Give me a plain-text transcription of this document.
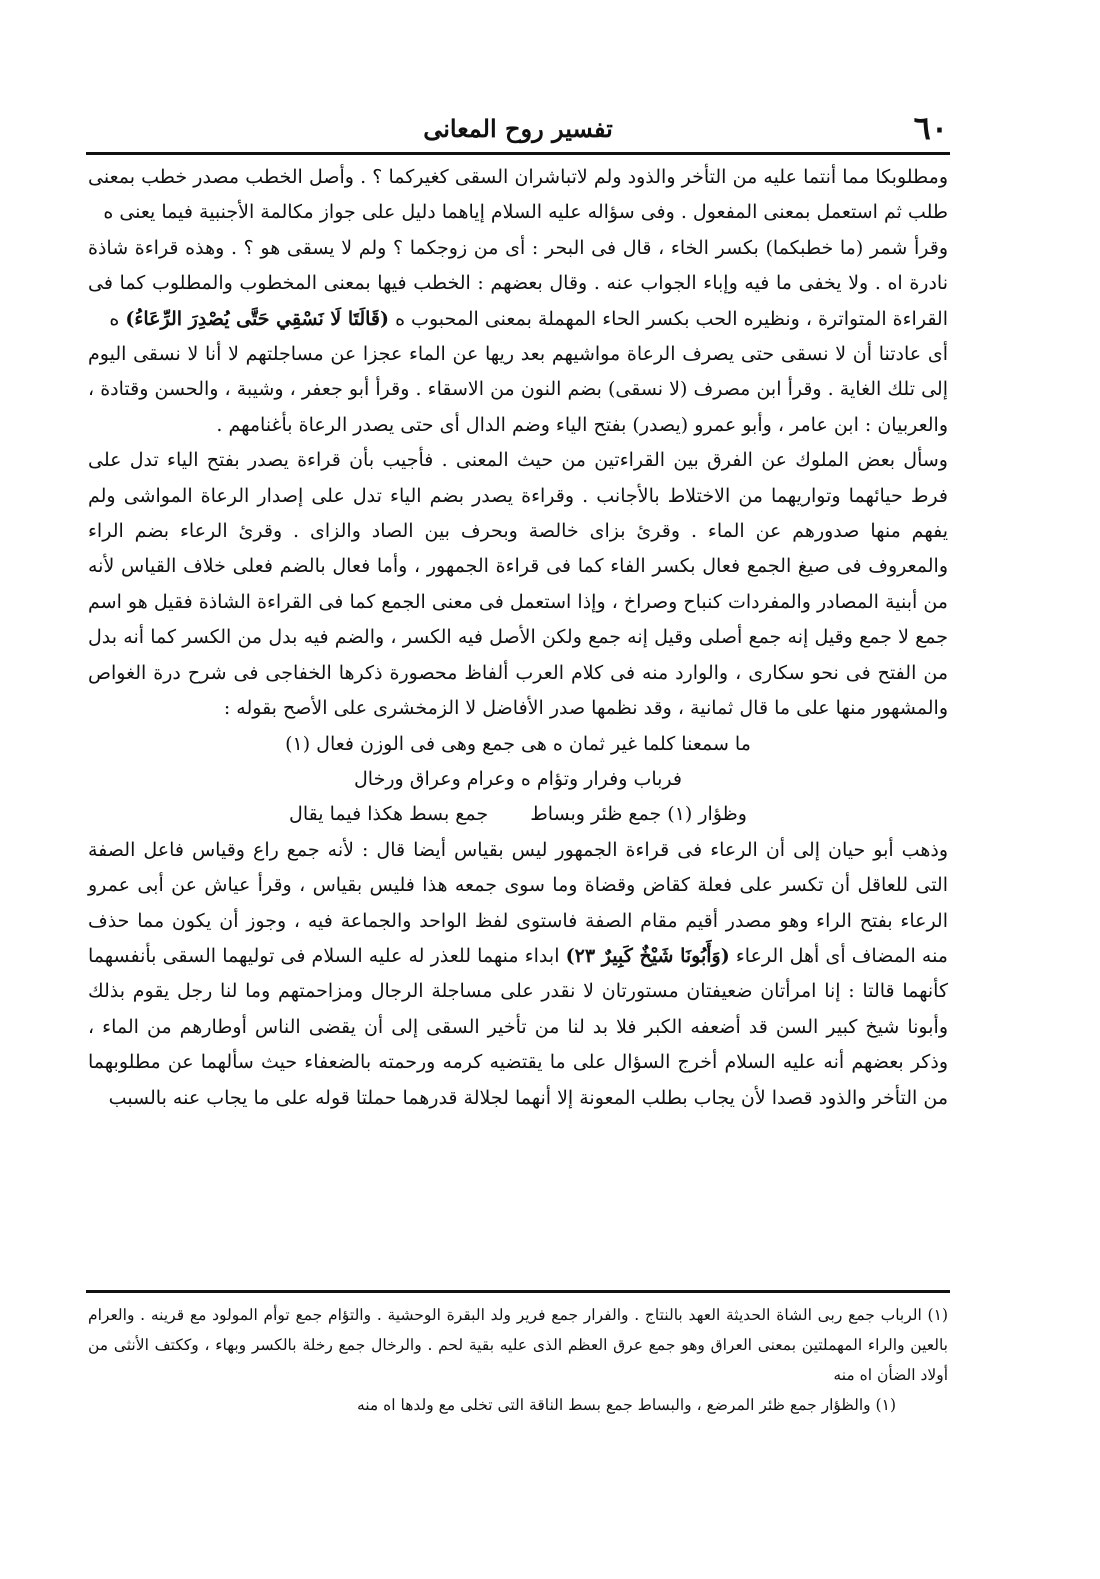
٦٠
تفسير روح المعانى

ومطلوبكا مما أنتما عليه من التأخر والذود ولم لاتباشران السقى كغيركما ؟ . وأصل الخطب مصدر خطب بمعنى طلب ثم استعمل بمعنى المفعول . وفى سؤاله عليه السلام إياهما دليل على جواز مكالمة الأجنبية فيما يعنى ه

وقرأ شمر (ما خطبكما) بكسر الخاء ، قال فى البحر : أى من زوجكما ؟ ولم لا يسقى هو ؟ . وهذه قراءة شاذة نادرة اه . ولا يخفى ما فيه وإباء الجواب عنه . وقال بعضهم : الخطب فيها بمعنى المخطوب والمطلوب كما فى القراءة المتواترة ، ونظيره الحب بكسر الحاء المهملة بمعنى المحبوب ه (قَالَتَا لَا نَسْقِي حَتَّى يُصْدِرَ الرِّعَاءُ) ه

أى عادتنا أن لا نسقى حتى يصرف الرعاة مواشيهم بعد ريها عن الماء عجزا عن مساجلتهم لا أنا لا نسقى اليوم إلى تلك الغاية . وقرأ ابن مصرف (لا نسقى) بضم النون من الاسقاء . وقرأ أبو جعفر ، وشيبة ، والحسن وقتادة ، والعربيان : ابن عامر ، وأبو عمرو (يصدر) بفتح الياء وضم الدال أى حتى يصدر الرعاة بأغنامهم .

وسأل بعض الملوك عن الفرق بين القراءتين من حيث المعنى . فأجيب بأن قراءة يصدر بفتح الياء تدل على فرط حيائهما وتواريهما من الاختلاط بالأجانب . وقراءة يصدر بضم الياء تدل على إصدار الرعاة المواشى ولم يفهم منها صدورهم عن الماء . وقرئ بزاى خالصة وبحرف بين الصاد والزاى . وقرئ الرعاء بضم الراء والمعروف فى صيغ الجمع فعال بكسر الفاء كما فى قراءة الجمهور ، وأما فعال بالضم فعلى خلاف القياس لأنه من أبنية المصادر والمفردات كنباح وصراخ ، وإذا استعمل فى معنى الجمع كما فى القراءة الشاذة فقيل هو اسم جمع لا جمع وقيل إنه جمع أصلى وقيل إنه جمع ولكن الأصل فيه الكسر ، والضم فيه بدل من الكسر كما أنه بدل من الفتح فى نحو سكارى ، والوارد منه فى كلام العرب ألفاظ محصورة ذكرها الخفاجى فى شرح درة الغواص والمشهور منها على ما قال ثمانية ، وقد نظمها صدر الأفاضل لا الزمخشرى على الأصح بقوله :

ما سمعنا كلما غير ثمان ه هى جمع وهى فى الوزن فعال (١) فرباب وفرار وتؤام ه وعرام وعراق ورخال

وظؤار (١) جمع ظئر وبساط جمع بسط هكذا فيما يقال

وذهب أبو حيان إلى أن الرعاء فى قراءة الجمهور ليس بقياس أيضا قال : لأنه جمع راع وقياس فاعل الصفة التى للعاقل أن تكسر على فعلة كقاض وقضاة وما سوى جمعه هذا فليس بقياس ، وقرأ عياش عن أبى عمرو الرعاء بفتح الراء وهو مصدر أقيم مقام الصفة فاستوى لفظ الواحد والجماعة فيه ، وجوز أن يكون مما حذف منه المضاف أى أهل الرعاء (وَأَبُونَا شَيْخٌ كَبِيرٌ ٢٣) ابداء منهما للعذر له عليه السلام فى توليهما السقى بأنفسهما كأنهما قالتا : إنا امرأتان ضعيفتان مستورتان لا نقدر على مساجلة الرجال ومزاحمتهم وما لنا رجل يقوم بذلك وأبونا شيخ كبير السن قد أضعفه الكبر فلا بد لنا من تأخير السقى إلى أن يقضى الناس أوطارهم من الماء ، وذكر بعضهم أنه عليه السلام أخرج السؤال على ما يقتضيه كرمه ورحمته بالضعفاء حيث سألهما عن مطلوبهما من التأخر والذود قصدا لأن يجاب بطلب المعونة إلا أنهما لجلالة قدرهما حملتا قوله على ما يجاب عنه بالسبب

(١) الرباب جمع ربى الشاة الحديثة العهد بالنتاج . والفرار جمع فرير ولد البقرة الوحشية . والتؤام جمع توأم المولود مع قرينه . والعرام بالعين والراء المهملتين بمعنى العراق وهو جمع عرق العظم الذى عليه بقية لحم . والرخال جمع رخلة بالكسر وبهاء ، وككتف الأنثى من أولاد الضأن اه منه

(١) والظؤار جمع ظئر المرضع ، والبساط جمع بسط الناقة التى تخلى مع ولدها اه منه
